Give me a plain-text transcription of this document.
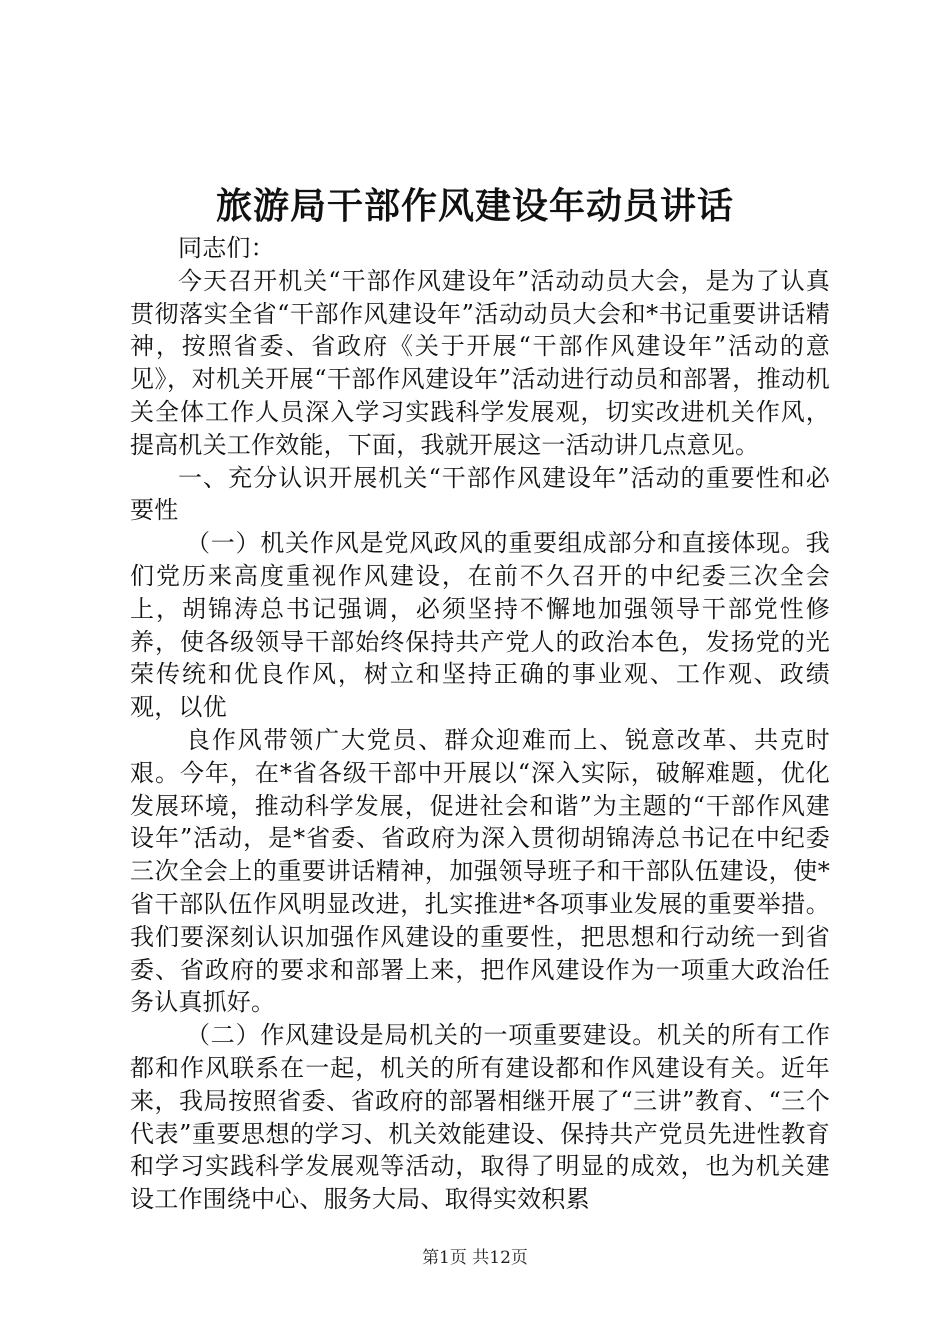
旅游局干部作风建设年动员讲话

同志们：

今天召开机关“干部作风建设年”活动动员大会，是为了认真贯彻落实全省“干部作风建设年”活动动员大会和*书记重要讲话精神，按照省委、省政府《关于开展“干部作风建设年”活动的意见》，对机关开展“干部作风建设年”活动进行动员和部署，推动机关全体工作人员深入学习实践科学发展观，切实改进机关作风，提高机关工作效能，下面，我就开展这一活动讲几点意见。

一、充分认识开展机关“干部作风建设年”活动的重要性和必要性

（一）机关作风是党风政风的重要组成部分和直接体现。我们党历来高度重视作风建设，在前不久召开的中纪委三次全会上，胡锦涛总书记强调，必须坚持不懈地加强领导干部党性修养，使各级领导干部始终保持共产党人的政治本色，发扬党的光荣传统和优良作风，树立和坚持正确的事业观、工作观、政绩观，以优

良作风带领广大党员、群众迎难而上、锐意改革、共克时艰。今年，在*省各级干部中开展以“深入实际，破解难题，优化发展环境，推动科学发展，促进社会和谐”为主题的“干部作风建设年”活动，是*省委、省政府为深入贯彻胡锦涛总书记在中纪委三次全会上的重要讲话精神，加强领导班子和干部队伍建设，使*省干部队伍作风明显改进，扎实推进*各项事业发展的重要举措。我们要深刻认识加强作风建设的重要性，把思想和行动统一到省委、省政府的要求和部署上来，把作风建设作为一项重大政治任务认真抓好。

（二）作风建设是局机关的一项重要建设。机关的所有工作都和作风联系在一起，机关的所有建设都和作风建设有关。近年来，我局按照省委、省政府的部署相继开展了“三讲”教育、“三个代表”重要思想的学习、机关效能建设、保持共产党员先进性教育和学习实践科学发展观等活动，取得了明显的成效，也为机关建设工作围绕中心、服务大局、取得实效积累

第1页 共12页
